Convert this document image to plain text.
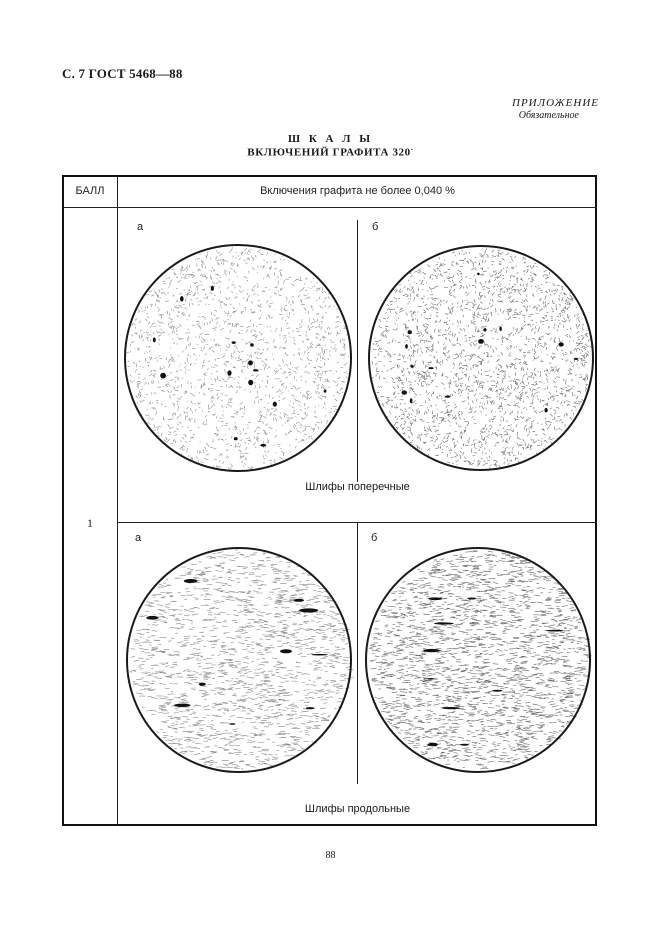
С. 7 ГОСТ 5468—88
ПРИЛОЖЕНИЕ
Обязательное
Ш К А Л Ы
ВКЛЮЧЕНИЙ ГРАФИТА 320-
БАЛЛ	Включения графита не более 0,040 %
1
а	б
Шлифы поперечные
а	б
Шлифы продольные
88
